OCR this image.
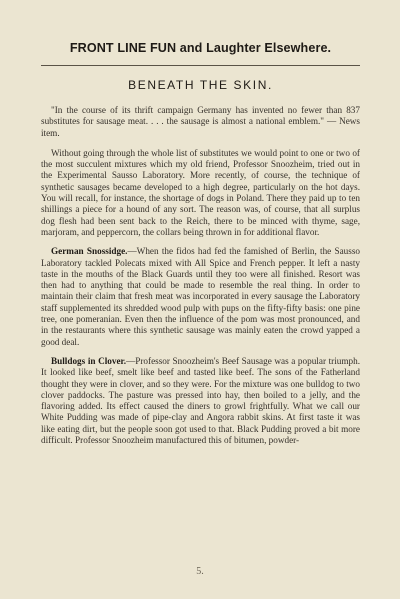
FRONT LINE FUN and Laughter Elsewhere.
BENEATH THE SKIN.

"In the course of its thrift campaign Germany has invented no fewer than 837 substitutes for sausage meat. . . . the sausage is almost a national emblem." — News item.

Without going through the whole list of substitutes we would point to one or two of the most succulent mixtures which my old friend, Professor Snoozheim, tried out in the Experimental Sausso Laboratory. More recently, of course, the technique of synthetic sausages became developed to a high degree, particularly on the hot days. You will recall, for instance, the shortage of dogs in Poland. There they paid up to ten shillings a piece for a hound of any sort. The reason was, of course, that all surplus dog flesh had been sent back to the Reich, there to be minced with thyme, sage, marjoram, and peppercorn, the collars being thrown in for additional flavor.

German Snossidge.—When the fidos had fed the famished of Berlin, the Sausso Laboratory tackled Polecats mixed with All Spice and French pepper. It left a nasty taste in the mouths of the Black Guards until they too were all finished. Resort was then had to anything that could be made to resemble the real thing. In order to maintain their claim that fresh meat was incorporated in every sausage the Laboratory staff supplemented its shredded wood pulp with pups on the fifty-fifty basis: one pine tree, one pomeranian. Even then the influence of the pom was most pronounced, and in the restaurants where this synthetic sausage was mainly eaten the crowd yapped a good deal.

Bulldogs in Clover.—Professor Snoozheim's Beef Sausage was a popular triumph. It looked like beef, smelt like beef and tasted like beef. The sons of the Fatherland thought they were in clover, and so they were. For the mixture was one bulldog to two clover paddocks. The pasture was pressed into hay, then boiled to a jelly, and the flavoring added. Its effect caused the diners to growl frightfully. What we call our White Pudding was made of pipe-clay and Angora rabbit skins. At first taste it was like eating dirt, but the people soon got used to that. Black Pudding proved a bit more difficult. Professor Snoozheim manufactured this of bitumen, powder-

5.
